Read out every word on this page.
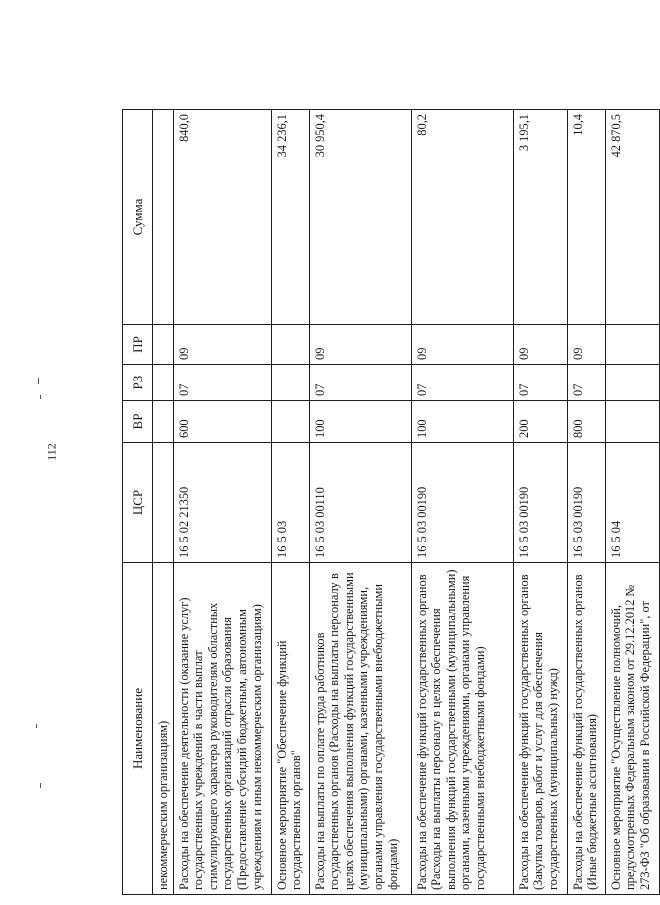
112
Наименование	ЦСР	ВР	РЗ	ПР	Сумма
некоммерческим организациям)					
Расходы на обеспечение деятельности (оказание услуг) государственных учреждений в части выплат стимулирующего характера руководителям областных государственных организаций отрасли образования (Предоставление субсидий бюджетным, автономным учреждениям и иным некоммерческим организациям)	16 5 02 21350	600	07	09	840,0
Основное мероприятие "Обеспечение функций государственных органов"	16 5 03				34 236,1
Расходы на выплаты по оплате труда работников государственных органов (Расходы на выплаты персоналу в целях обеспечения выполнения функций государственными (муниципальными) органами, казенными учреждениями, органами управления государственными внебюджетными фондами)	16 5 03 00110	100	07	09	30 950,4
Расходы на обеспечение функций государственных органов (Расходы на выплаты персоналу в целях обеспечения выполнения функций государственными (муниципальными) органами, казенными учреждениями, органами управления государственными внебюджетными фондами)	16 5 03 00190	100	07	09	80,2
Расходы на обеспечение функций государственных органов (Закупка товаров, работ и услуг для обеспечения государственных (муниципальных) нужд)	16 5 03 00190	200	07	09	3 195,1
Расходы на обеспечение функций государственных органов (Иные бюджетные ассигнования)	16 5 03 00190	800	07	09	10,4
Основное мероприятие "Осуществление полномочий, предусмотренных Федеральным законом от 29.12.2012 № 273-ФЗ "Об образовании в Российской Федерации", от	16 5 04				42 870,5
